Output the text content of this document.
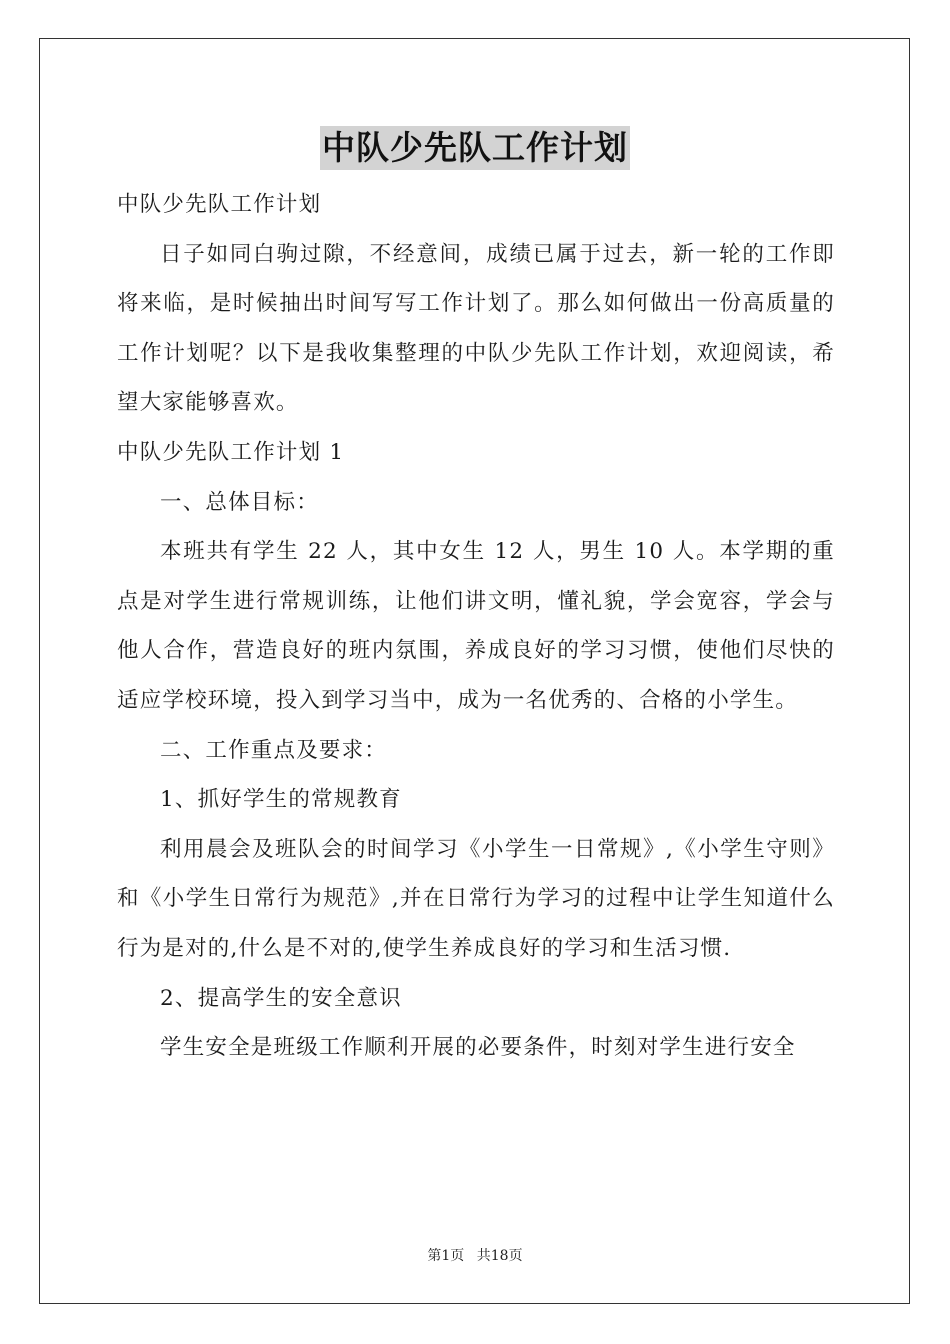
中队少先队工作计划

中队少先队工作计划

日子如同白驹过隙，不经意间，成绩已属于过去，新一轮的工作即将来临，是时候抽出时间写写工作计划了。那么如何做出一份高质量的工作计划呢？以下是我收集整理的中队少先队工作计划，欢迎阅读，希望大家能够喜欢。

中队少先队工作计划 1

一、总体目标：

本班共有学生 22 人，其中女生 12 人，男生 10 人。本学期的重点是对学生进行常规训练，让他们讲文明，懂礼貌，学会宽容，学会与他人合作，营造良好的班内氛围，养成良好的学习习惯，使他们尽快的适应学校环境，投入到学习当中，成为一名优秀的、合格的小学生。

二、工作重点及要求：

1、抓好学生的常规教育

利用晨会及班队会的时间学习《小学生一日常规》,《小学生守则》和《小学生日常行为规范》,并在日常行为学习的过程中让学生知道什么行为是对的,什么是不对的,使学生养成良好的学习和生活习惯.

2、提高学生的安全意识

学生安全是班级工作顺利开展的必要条件，时刻对学生进行安全

第1页 共18页
